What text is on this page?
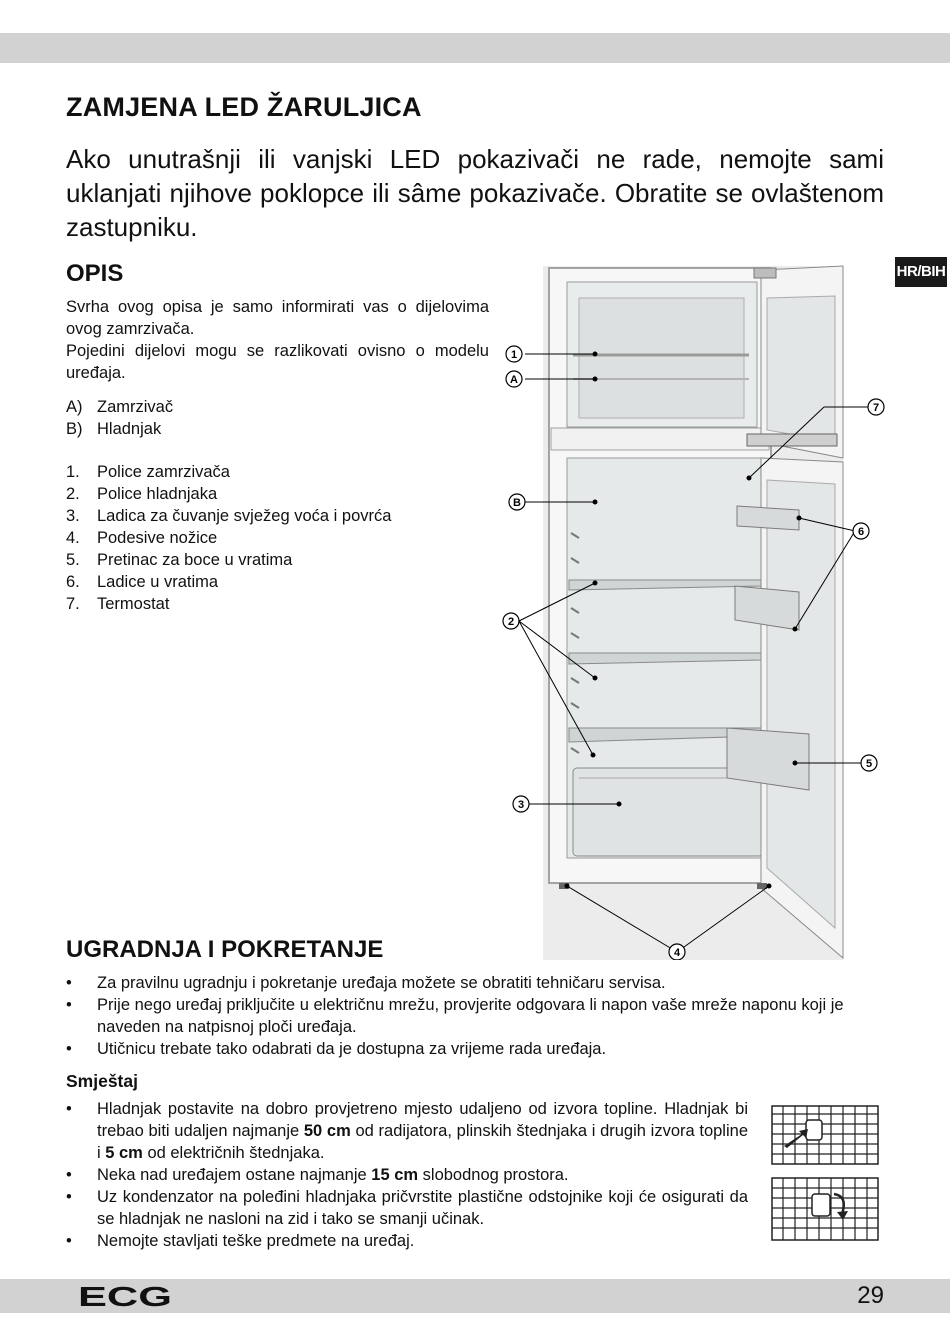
ZAMJENA LED ŽARULJICA

Ako unutrašnji ili vanjski LED pokazivači ne rade, nemojte sami uklanjati njihove poklopce ili sâme pokazivače. Obratite se ovlaštenom zastupniku.

OPIS

Svrha ovog opisa je samo informirati vas o dijelovima ovog zamrzivača.

Pojedini dijelovi mogu se razlikovati ovisno o modelu uređaja.

A) Zamrzivač
B) Hladnjak
1.	Police zamrzivača
2.	Police hladnjaka
3.	Ladica za čuvanje svježeg voća i povrća
4.	Podesive nožice
5.	Pretinac za boce u vratima
6.	Ladice u vratima
7.	Termostat
HR/BIH
1
A
7
B
6
2
5
3
4
UGRADNJA I POKRETANJE
• Za pravilnu ugradnju i pokretanje uređaja možete se obratiti tehničaru servisa.
• Prije nego uređaj priključite u električnu mrežu, provjerite odgovara li napon vaše mreže naponu koji je naveden na natpisnoj ploči uređaja.
• Utičnicu trebate tako odabrati da je dostupna za vrijeme rada uređaja.
Smještaj
• Hladnjak postavite na dobro provjetreno mjesto udaljeno od izvora topline. Hladnjak bi trebao biti udaljen najmanje 50 cm od radijatora, plinskih štednjaka i drugih izvora topline i 5 cm od električnih štednjaka.
• Neka nad uređajem ostane najmanje 15 cm slobodnog prostora.
• Uz kondenzator na poleđini hladnjaka pričvrstite plastične odstojnike koji će osigurati da se hladnjak ne nasloni na zid i tako se smanji učinak.
• Nemojte stavljati teške predmete na uređaj.
ECG	29
